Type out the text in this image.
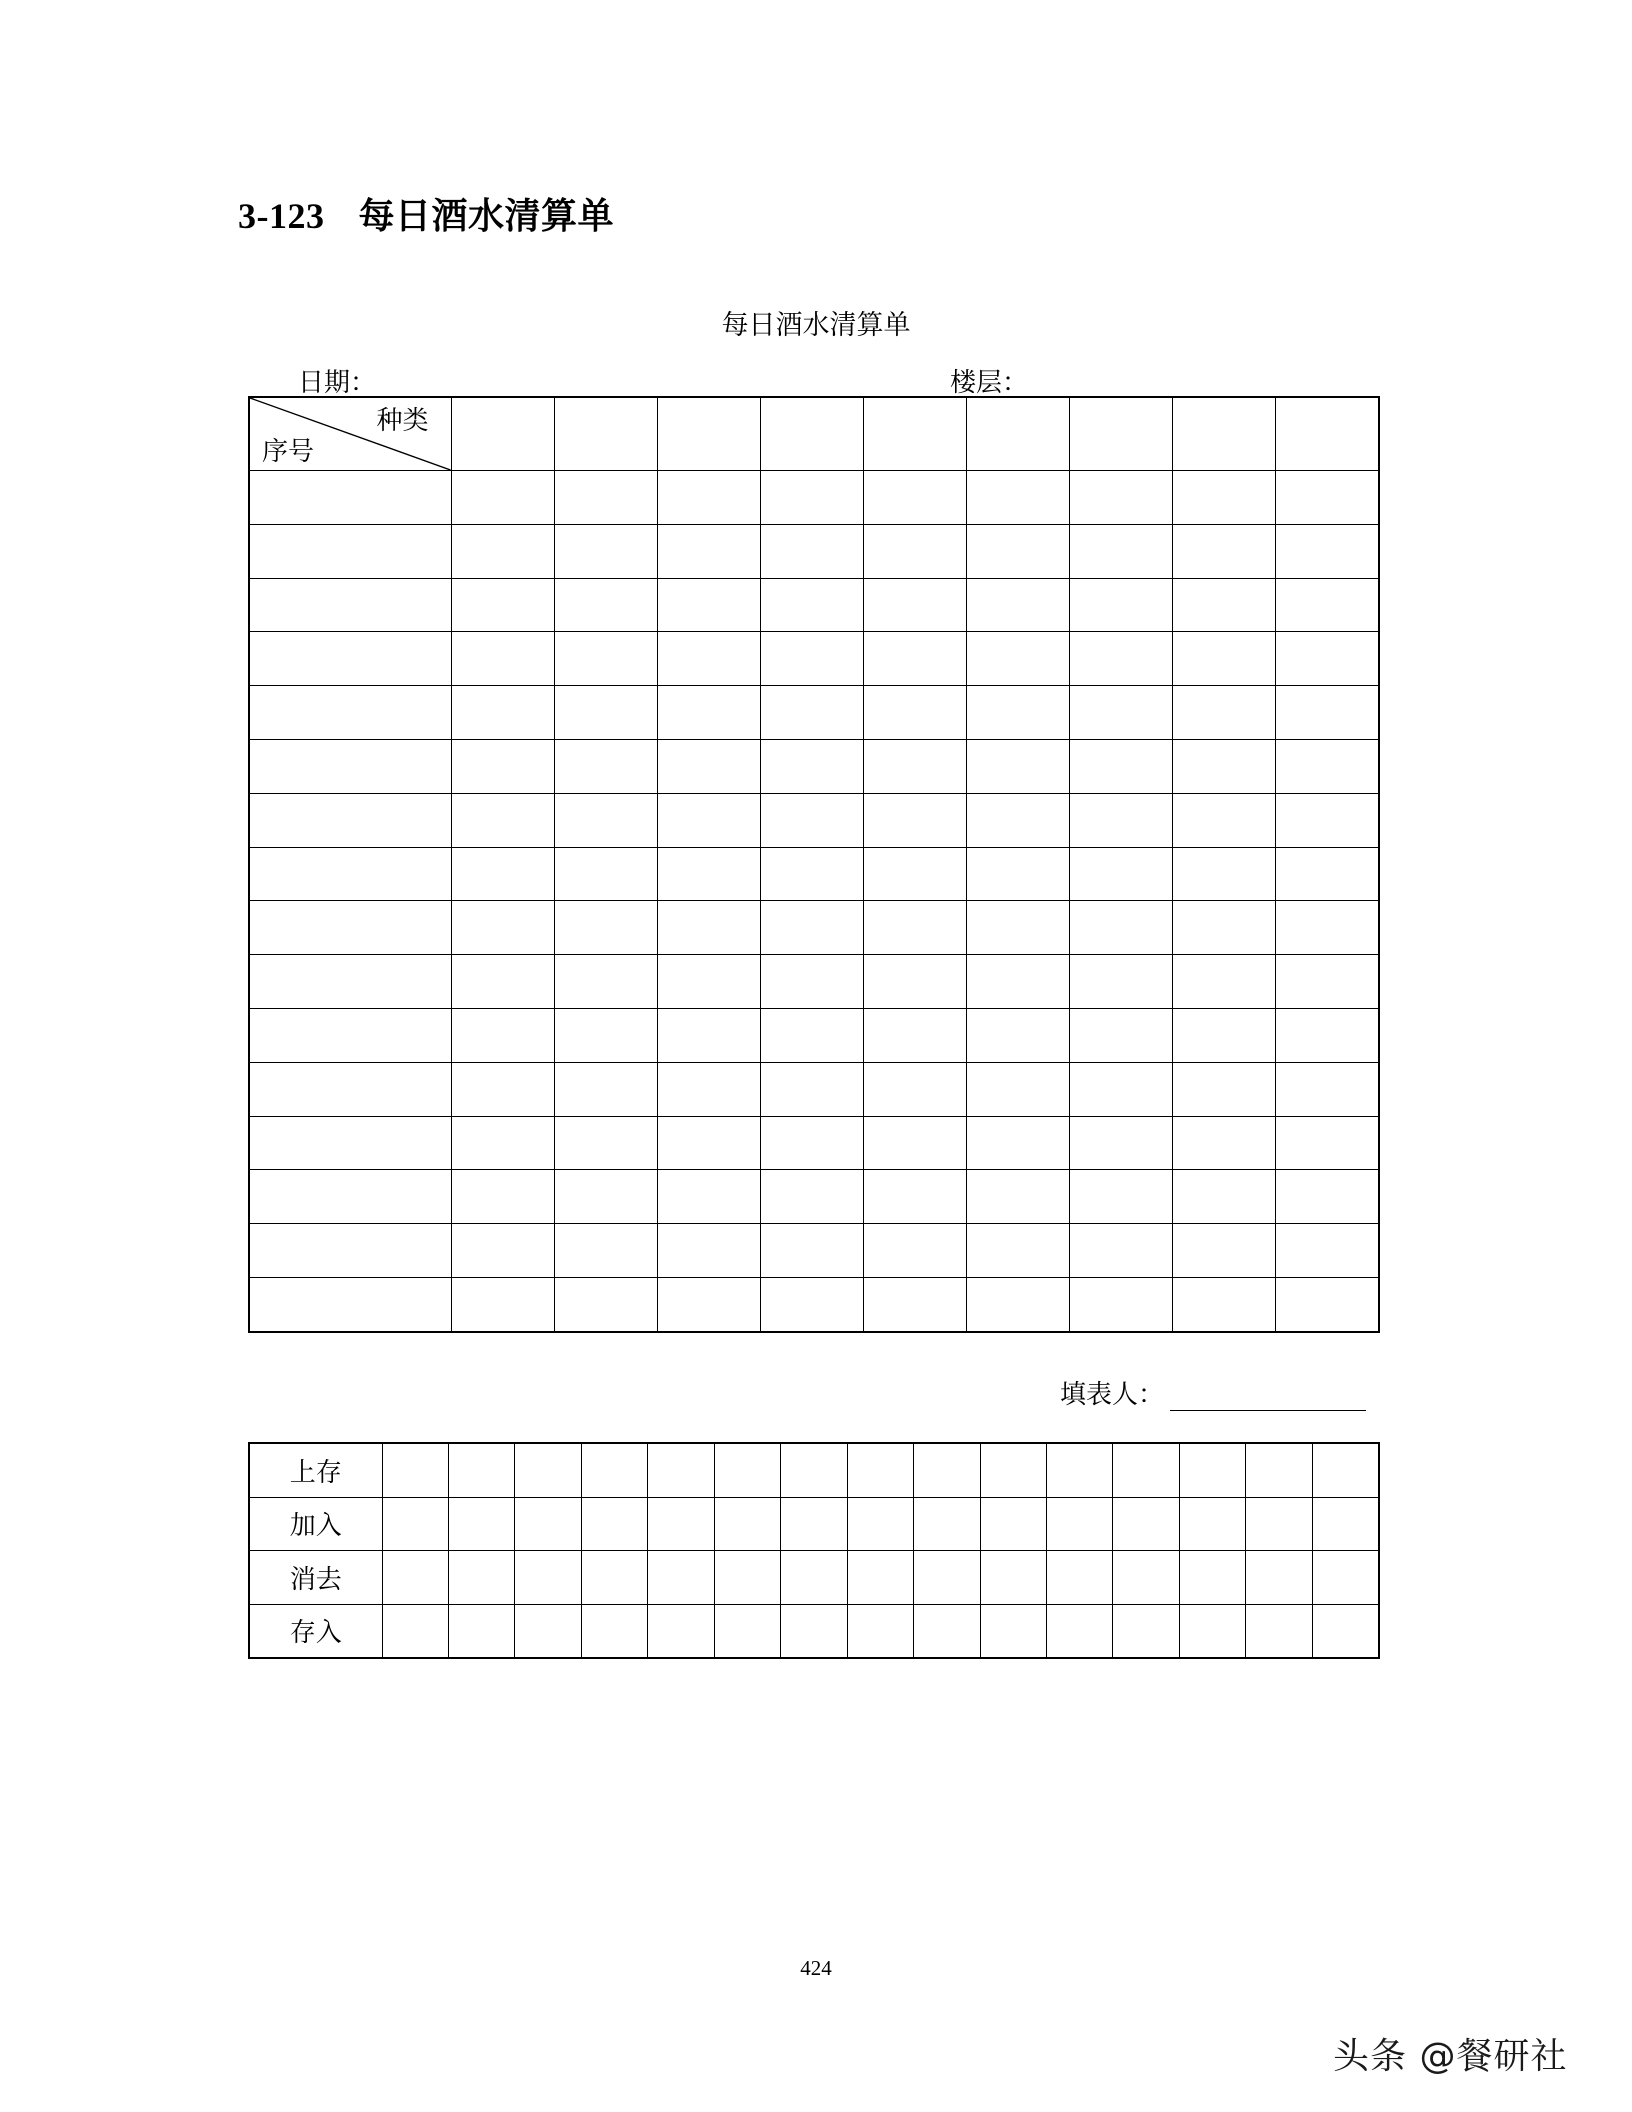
3-123 每日酒水清算单
每日酒水清算单
日期：	楼层：
种类
序号									

填表人：
上存															
加入															
消去															
存入															
424
头条 @餐研社
